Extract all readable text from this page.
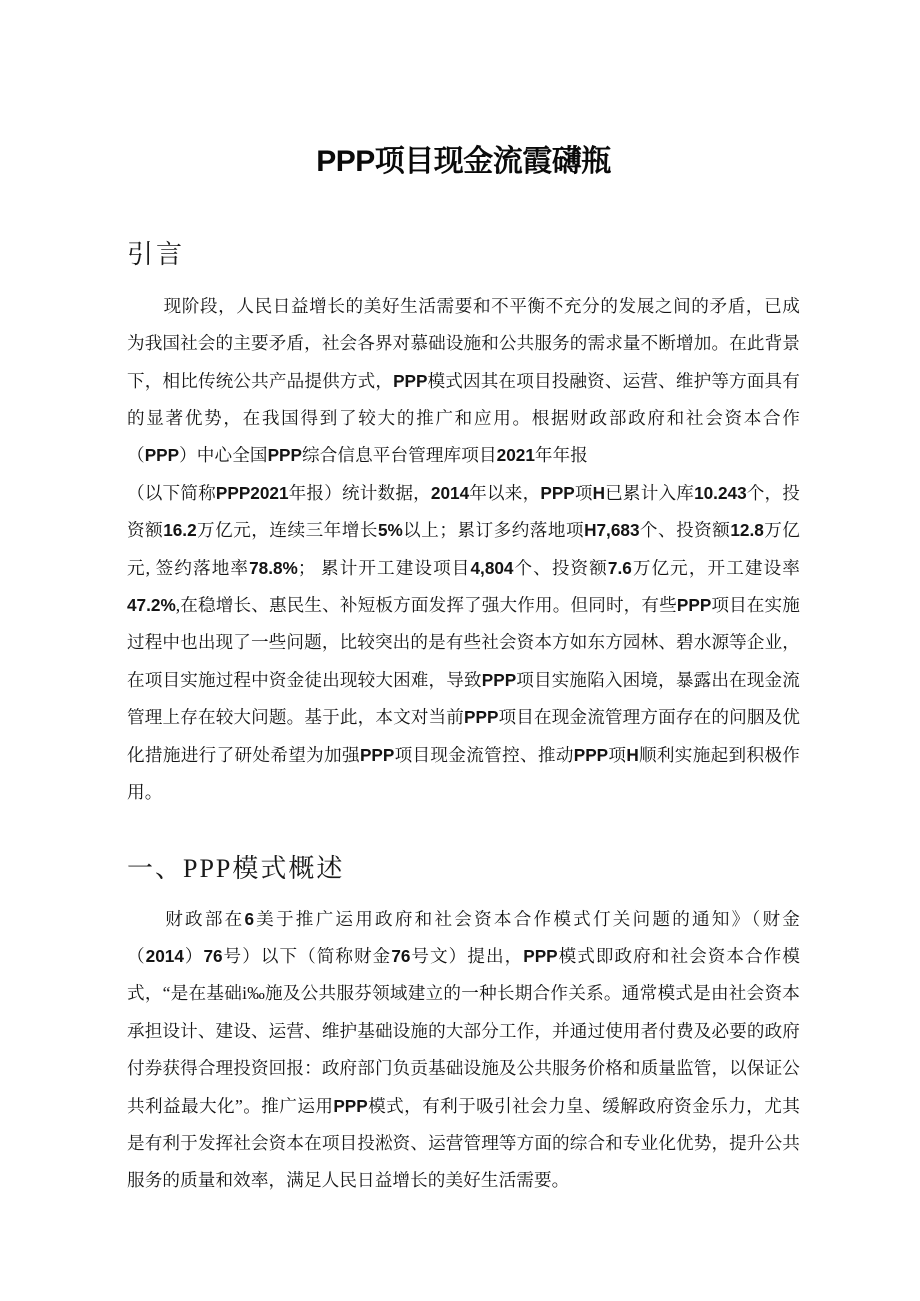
PPP项目现金流霞礴瓶
引言

现阶段，人民日益增长的美好生活需要和不平衡不充分的发展之间的矛盾，已成为我国社会的主要矛盾，社会各界对慕础设施和公共服务的需求量不断增加。在此背景下，相比传统公共产品提供方式，PPP模式因其在项目投融资、运营、维护等方面具有的显著优势，在我国得到了较大的推广和应用。根据财政部政府和社会资本合作（PPP）中心全国PPP综合信息平台管理库项目2021年年报
（以下简称PPP2021年报）统计数据，2014年以来，PPP项H已累计入库10.243个，投资额16.2万亿元，连续三年增长5%以上；累订多约落地项H7,683个、投资额12.8万亿元, 签约落地率78.8%； 累计开工建设项目4,804个、投资额7.6万亿元，开工建设率47.2%,在稳增长、惠民生、补短板方面发挥了强大作用。但同时，有些PPP项目在实施过程中也出现了一些问题，比较突出的是有些社会资本方如东方园林、碧水源等企业，在项目实施过程中资金徒出现较大困难，导致PPP项目实施陷入困境，暴露出在现金流管理上存在较大问题。基于此，本文对当前PPP项目在现金流管理方面存在的问胭及优化措施进行了研处希望为加强PPP项目现金流管控、推动PPP项H顺利实施起到积极作用。

一、PPP模式概述

财政部在6美于推广运用政府和社会资本合作模式仃关问题的通知》（财金（2014）76号）以下（简称财金76号文）提出，PPP模式即政府和社会资本合作模式，“是在基础i‰施及公共服芬领域建立的一种长期合作关系。通常模式是由社会资本承担设计、建设、运营、维护基础设施的大部分工作，并通过使用者付费及必要的政府付券获得合理投资回报：政府部门负贡基础设施及公共服务价格和质量监管，以保证公共利益最大化”。推广运用PPP模式，有利于吸引社会力皇、缓解政府资金乐力，尤其是有利于发挥社会资本在项目投淞资、运营管理等方面的综合和专业化优势，提升公共服务的质量和效率，满足人民日益增长的美好生活需要。
